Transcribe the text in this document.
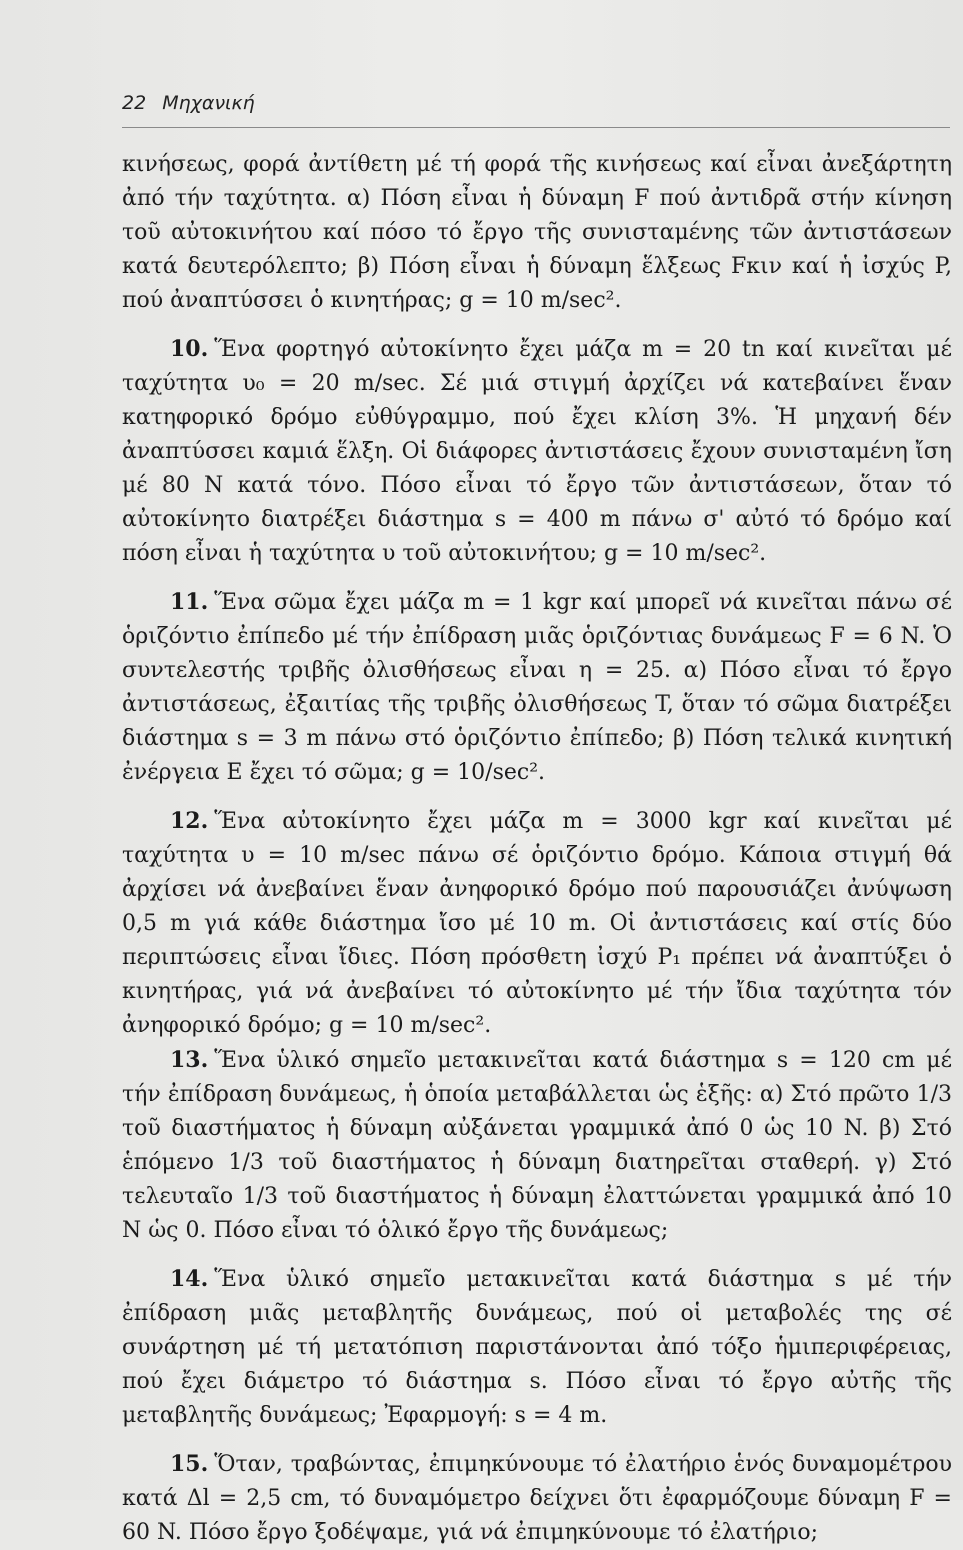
22 Μηχανική

κινήσεως, φορά ἀντίθετη μέ τή φορά τῆς κινήσεως καί εἶναι ἀνεξάρτητη ἀπό τήν ταχύτητα. α) Πόση εἶναι ἡ δύναμη F πού ἀντιδρᾶ στήν κίνηση τοῦ αὐτοκινήτου καί πόσο τό ἔργο τῆς συνισταμένης τῶν ἀντιστάσεων κατά δευτερόλεπτο; β) Πόση εἶναι ἡ δύναμη ἕλξεως Fκιν καί ἡ ἰσχύς P, πού ἀναπτύσσει ὁ κινητήρας; g = 10 m/sec².

10. Ἕνα φορτηγό αὐτοκίνητο ἔχει μάζα m = 20 tn καί κινεῖται μέ ταχύτητα υ₀ = 20 m/sec. Σέ μιά στιγμή ἀρχίζει νά κατεβαίνει ἕναν κατηφορικό δρόμο εὐθύγραμμο, πού ἔχει κλίση 3%. Ἡ μηχανή δέν ἀναπτύσσει καμιά ἕλξη. Οἱ διάφορες ἀντιστάσεις ἔχουν συνισταμένη ἴση μέ 80 N κατά τόνο. Πόσο εἶναι τό ἔργο τῶν ἀντιστάσεων, ὅταν τό αὐτοκίνητο διατρέξει διάστημα s = 400 m πάνω σ' αὐτό τό δρόμο καί πόση εἶναι ἡ ταχύτητα υ τοῦ αὐτοκινήτου; g = 10 m/sec².

11. Ἕνα σῶμα ἔχει μάζα m = 1 kgr καί μπορεῖ νά κινεῖται πάνω σέ ὁριζόντιο ἐπίπεδο μέ τήν ἐπίδραση μιᾶς ὁριζόντιας δυνάμεως F = 6 N. Ὁ συντελεστής τριβῆς ὀλισθήσεως εἶναι η = 25. α) Πόσο εἶναι τό ἔργο ἀντιστάσεως, ἐξαιτίας τῆς τριβῆς ὀλισθήσεως T, ὅταν τό σῶμα διατρέξει διάστημα s = 3 m πάνω στό ὁριζόντιο ἐπίπεδο; β) Πόση τελικά κινητική ἐνέργεια E ἔχει τό σῶμα; g = 10/sec².

12. Ἕνα αὐτοκίνητο ἔχει μάζα m = 3000 kgr καί κινεῖται μέ ταχύτητα υ = 10 m/sec πάνω σέ ὁριζόντιο δρόμο. Κάποια στιγμή θά ἀρχίσει νά ἀνεβαίνει ἕναν ἀνηφορικό δρόμο πού παρουσιάζει ἀνύψωση 0,5 m γιά κάθε διάστημα ἴσο μέ 10 m. Οἱ ἀντιστάσεις καί στίς δύο περιπτώσεις εἶναι ἴδιες. Πόση πρόσθετη ἰσχύ P₁ πρέπει νά ἀναπτύξει ὁ κινητήρας, γιά νά ἀνεβαίνει τό αὐτοκίνητο μέ τήν ἴδια ταχύτητα τόν ἀνηφορικό δρόμο; g = 10 m/sec².

13. Ἕνα ὑλικό σημεῖο μετακινεῖται κατά διάστημα s = 120 cm μέ τήν ἐπίδραση δυνάμεως, ἡ ὁποία μεταβάλλεται ὡς ἑξῆς: α) Στό πρῶτο 1/3 τοῦ διαστήματος ἡ δύναμη αὐξάνεται γραμμικά ἀπό 0 ὡς 10 N. β) Στό ἑπόμενο 1/3 τοῦ διαστήματος ἡ δύναμη διατηρεῖται σταθερή. γ) Στό τελευταῖο 1/3 τοῦ διαστήματος ἡ δύναμη ἐλαττώνεται γραμμικά ἀπό 10 N ὡς 0. Πόσο εἶναι τό ὁλικό ἔργο τῆς δυνάμεως;

14. Ἕνα ὑλικό σημεῖο μετακινεῖται κατά διάστημα s μέ τήν ἐπίδραση μιᾶς μεταβλητῆς δυνάμεως, πού οἱ μεταβολές της σέ συνάρτηση μέ τή μετατόπιση παριστάνονται ἀπό τόξο ἡμιπεριφέρειας, πού ἔχει διάμετρο τό διάστημα s. Πόσο εἶναι τό ἔργο αὐτῆς τῆς μεταβλητῆς δυνάμεως; Ἐφαρμογή: s = 4 m.

15. Ὅταν, τραβώντας, ἐπιμηκύνουμε τό ἐλατήριο ἑνός δυναμομέτρου κατά Δl = 2,5 cm, τό δυναμόμετρο δείχνει ὅτι ἐφαρμόζουμε δύναμη F = 60 N. Πόσο ἔργο ξοδέψαμε, γιά νά ἐπιμηκύνουμε τό ἐλατήριο;
